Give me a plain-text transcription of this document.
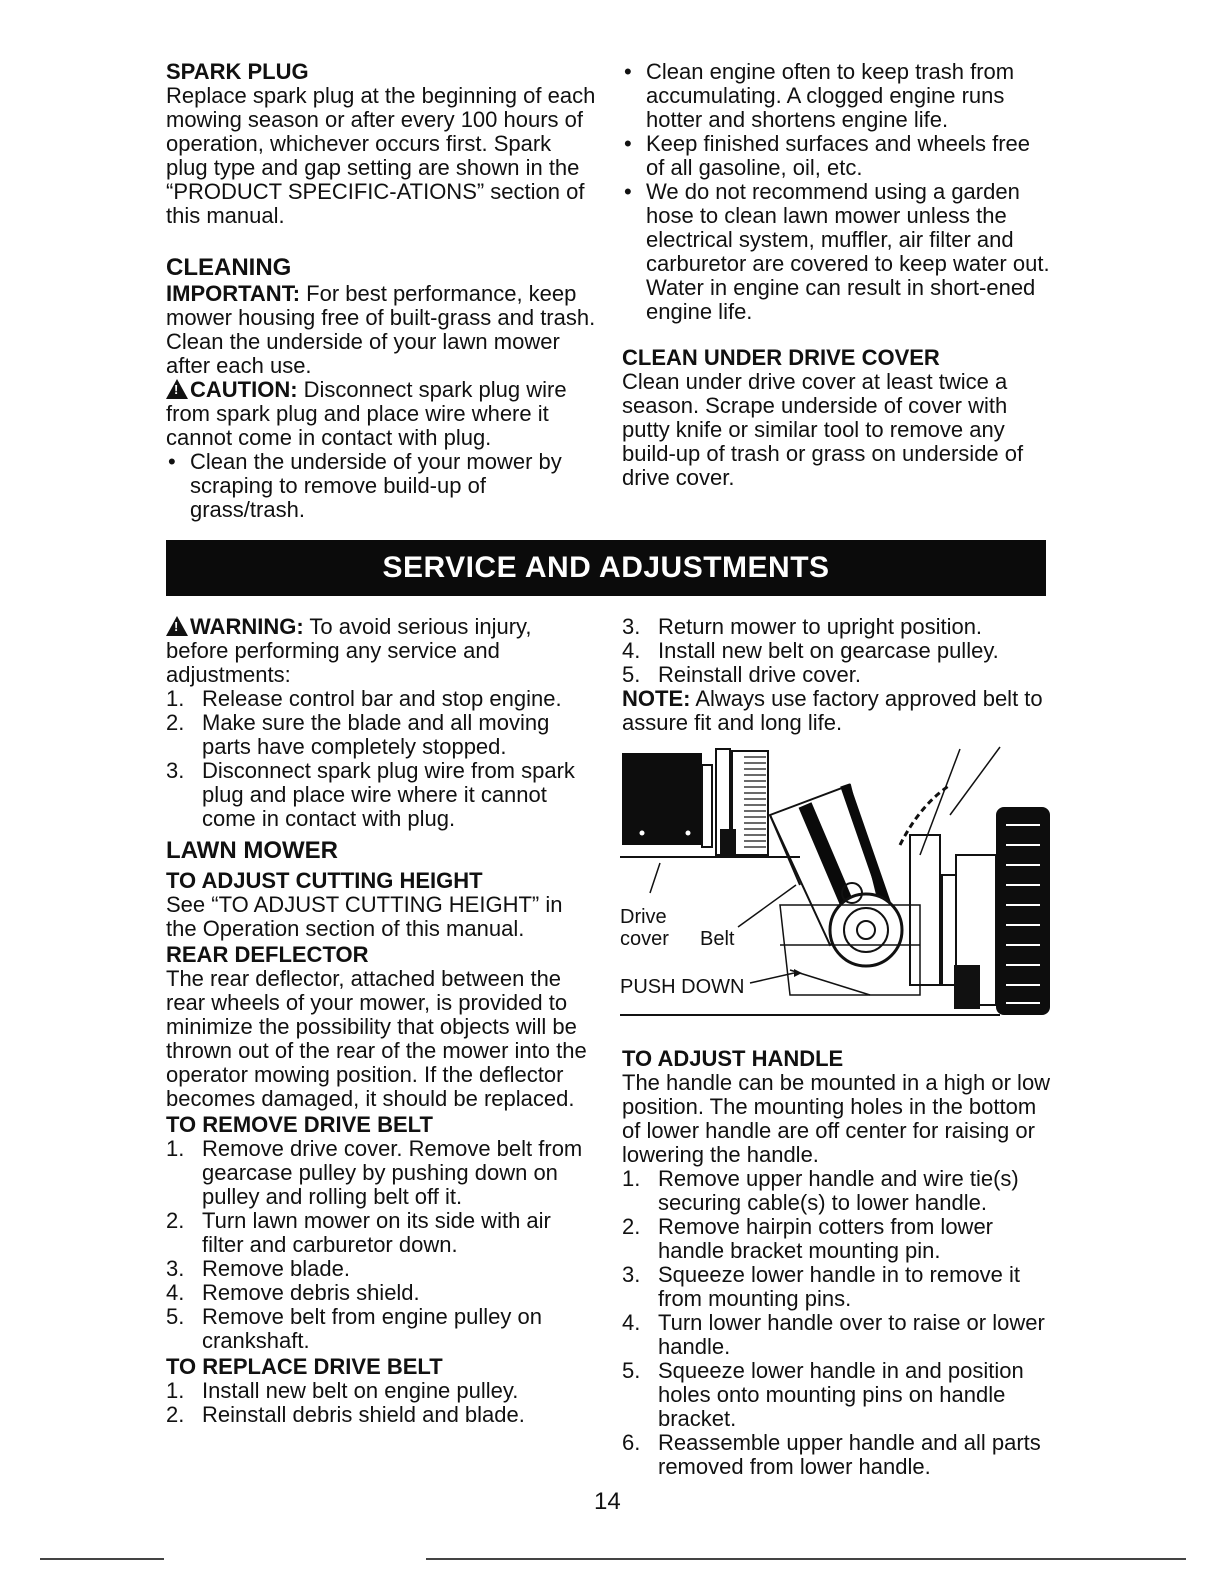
SPARK PLUG

Replace spark plug at the beginning of each mowing season or after every 100 hours of operation, whichever occurs first. Spark plug type and gap setting are shown in the “PRODUCT SPECIFIC-ATIONS” section of this manual.

CLEANING

IMPORTANT: For best performance, keep mower housing free of built-grass and trash. Clean the underside of your lawn mower after each use.

!CAUTION: Disconnect spark plug wire from spark plug and place wire where it cannot come in contact with plug.

• Clean the underside of your mower by scraping to remove build-up of grass/trash.
• Clean engine often to keep trash from accumulating. A clogged engine runs hotter and shortens engine life.
• Keep finished surfaces and wheels free of all gasoline, oil, etc.
• We do not recommend using a garden hose to clean lawn mower unless the electrical system, muffler, air filter and carburetor are covered to keep water out. Water in engine can result in short-ened engine life.

CLEAN UNDER DRIVE COVER

Clean under drive cover at least twice a season. Scrape underside of cover with putty knife or similar tool to remove any build-up of trash or grass on underside of drive cover.

SERVICE AND ADJUSTMENTS

!WARNING: To avoid serious injury, before performing any service and adjustments:

1. Release control bar and stop engine.
2. Make sure the blade and all moving parts have completely stopped.
3. Disconnect spark plug wire from spark plug and place wire where it cannot come in contact with plug.

LAWN MOWER

TO ADJUST CUTTING HEIGHT

See “TO ADJUST CUTTING HEIGHT” in the Operation section of this manual.

REAR DEFLECTOR

The rear deflector, attached between the rear wheels of your mower, is provided to minimize the possibility that objects will be thrown out of the rear of the mower into the operator mowing position. If the deflector becomes damaged, it should be replaced.

TO REMOVE DRIVE BELT

1. Remove drive cover. Remove belt from gearcase pulley by pushing down on pulley and rolling belt off it.
2. Turn lawn mower on its side with air filter and carburetor down.
3. Remove blade.
4. Remove debris shield.
5. Remove belt from engine pulley on crankshaft.

TO REPLACE DRIVE BELT

1. Install new belt on engine pulley.
2. Reinstall debris shield and blade.
3. Return mower to upright position.
4. Install new belt on gearcase pulley.
5. Reinstall drive cover.

NOTE: Always use factory approved belt to assure fit and long life.

Drive
cover Belt
PUSH DOWN

TO ADJUST HANDLE

The handle can be mounted in a high or low position. The mounting holes in the bottom of lower handle are off center for raising or lowering the handle.

1. Remove upper handle and wire tie(s) securing cable(s) to lower handle.
2. Remove hairpin cotters from lower handle bracket mounting pin.
3. Squeeze lower handle in to remove it from mounting pins.
4. Turn lower handle over to raise or lower handle.
5. Squeeze lower handle in and position holes onto mounting pins on handle bracket.
6. Reassemble upper handle and all parts removed from lower handle.
14
